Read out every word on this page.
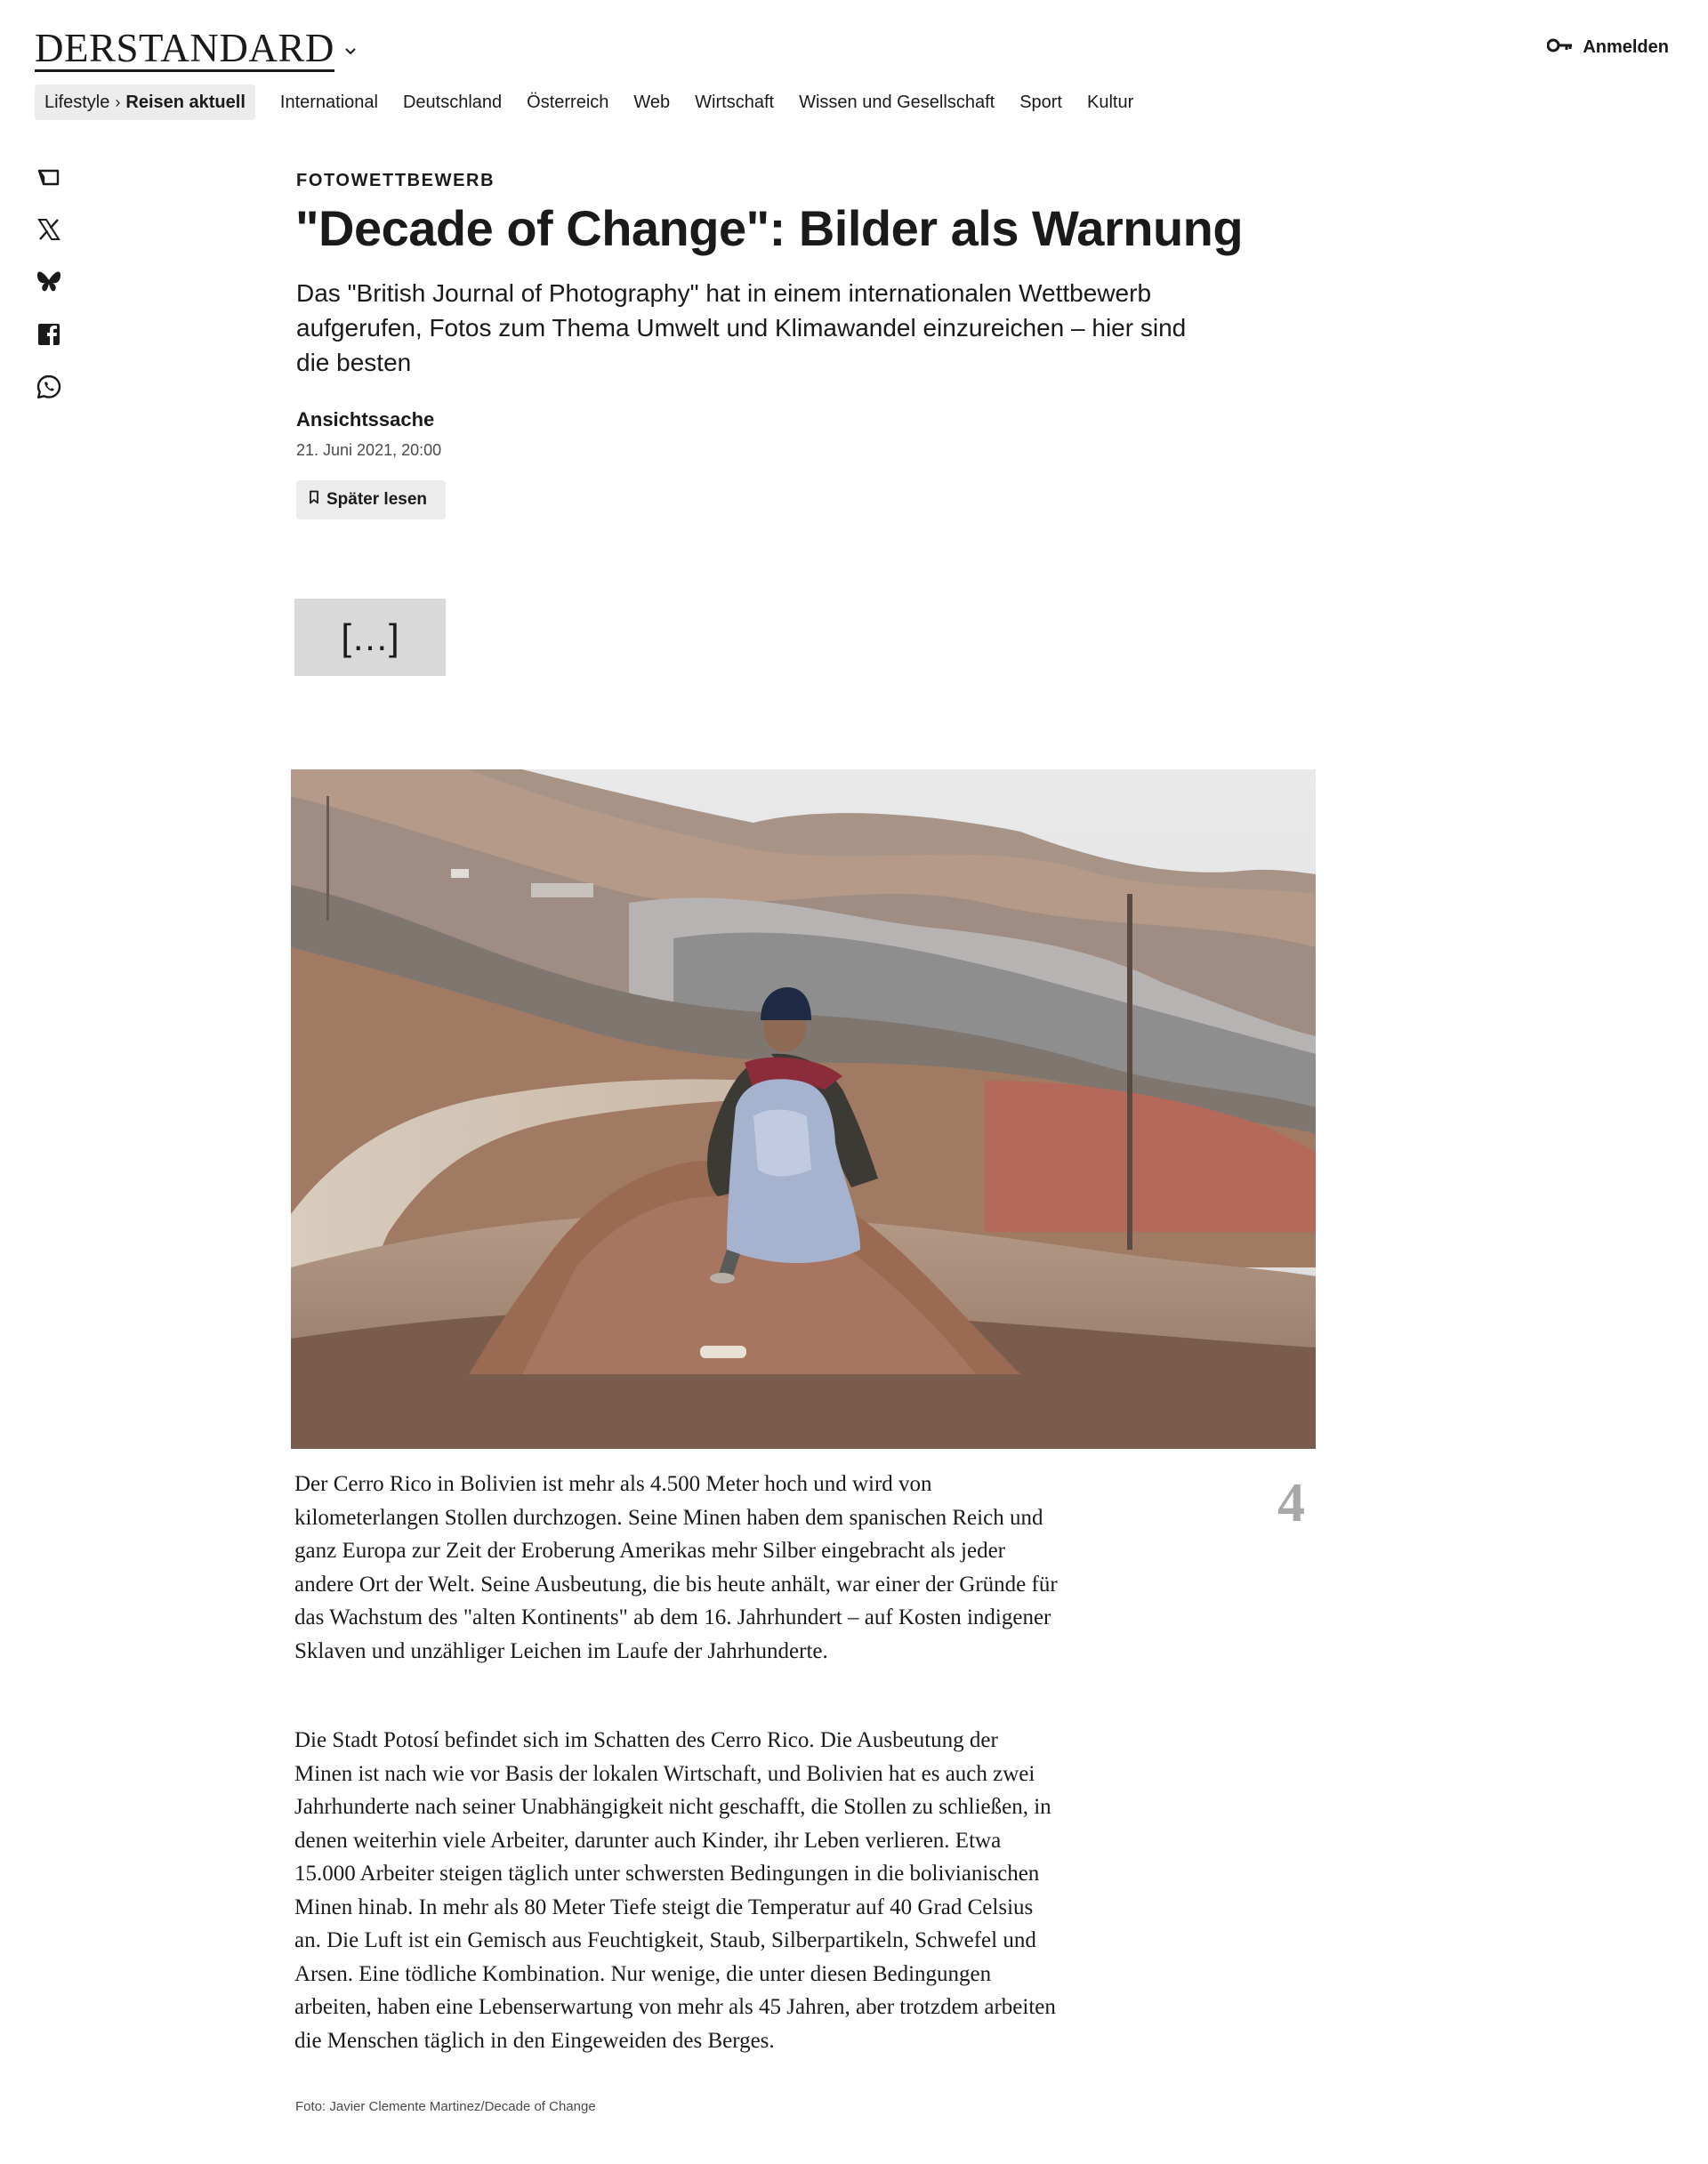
DERSTANDARD	Anmelden
Lifestyle › Reisen aktuell International Deutschland Österreich Web Wirtschaft Wissen und Gesellschaft Sport Kultur
FOTOWETTBEWERB
"Decade of Change": Bilder als Warnung

Das "British Journal of Photography" hat in einem internationalen Wettbewerb aufgerufen, Fotos zum Thema Umwelt und Klimawandel einzureichen – hier sind die besten

Ansichtssache
21. Juni 2021, 20:00
Später lesen
[…]
4

Der Cerro Rico in Bolivien ist mehr als 4.500 Meter hoch und wird von kilometerlangen Stollen durchzogen. Seine Minen haben dem spanischen Reich und ganz Europa zur Zeit der Eroberung Amerikas mehr Silber eingebracht als jeder andere Ort der Welt. Seine Ausbeutung, die bis heute anhält, war einer der Gründe für das Wachstum des "alten Kontinents" ab dem 16. Jahrhundert – auf Kosten indigener Sklaven und unzähliger Leichen im Laufe der Jahrhunderte.

Die Stadt Potosí befindet sich im Schatten des Cerro Rico. Die Ausbeutung der Minen ist nach wie vor Basis der lokalen Wirtschaft, und Bolivien hat es auch zwei Jahrhunderte nach seiner Unabhängigkeit nicht geschafft, die Stollen zu schließen, in denen weiterhin viele Arbeiter, darunter auch Kinder, ihr Leben verlieren. Etwa 15.000 Arbeiter steigen täglich unter schwersten Bedingungen in die bolivianischen Minen hinab. In mehr als 80 Meter Tiefe steigt die Temperatur auf 40 Grad Celsius an. Die Luft ist ein Gemisch aus Feuchtigkeit, Staub, Silberpartikeln, Schwefel und Arsen. Eine tödliche Kombination. Nur wenige, die unter diesen Bedingungen arbeiten, haben eine Lebenserwartung von mehr als 45 Jahren, aber trotzdem arbeiten die Menschen täglich in den Eingeweiden des Berges.

Foto: Javier Clemente Martinez/Decade of Change
